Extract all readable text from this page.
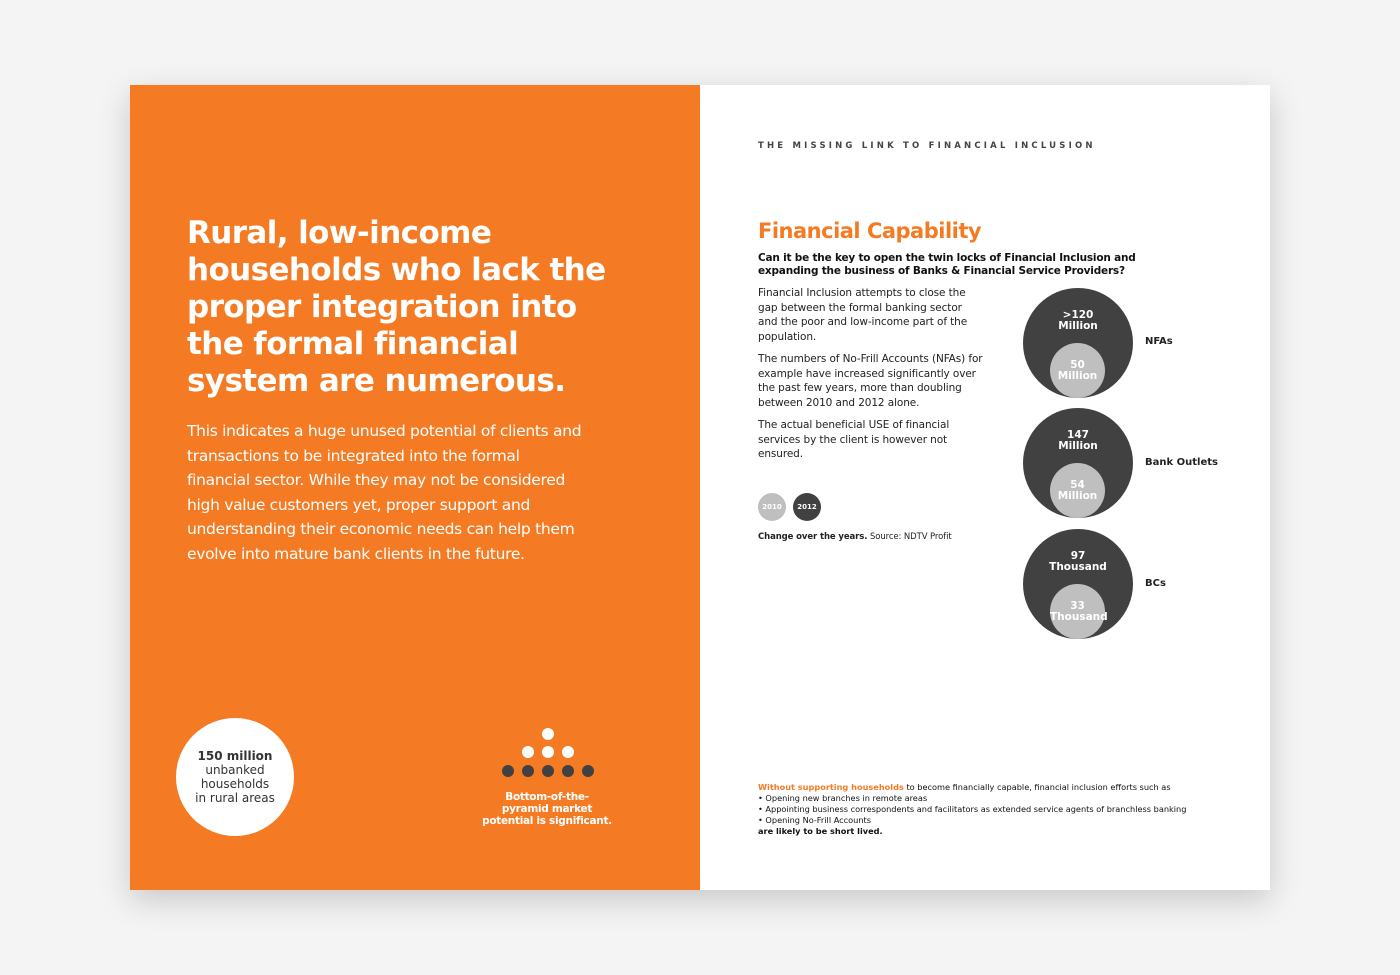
Rural, low-income households who lack the proper integration into the formal financial system are numerous.

This indicates a huge unused potential of clients and transactions to be integrated into the formal financial sector. While they may not be considered high value customers yet, proper support and understanding their economic needs can help them evolve into mature bank clients in the future.

150 million
unbanked
households
in rural areas	Bottom-of-the-pyramid market potential is significant.
THE MISSING LINK TO FINANCIAL INCLUSION
Financial Capability
Can it be the key to open the twin locks of Financial Inclusion and expanding the business of Banks & Financial Service Providers?

Financial Inclusion attempts to close the gap between the formal banking sector and the poor and low-income part of the population.

The numbers of No-Frill Accounts (NFAs) for example have increased significantly over the past few years, more than doubling between 2010 and 2012 alone.

The actual beneficial USE of financial services by the client is however not ensured.

2010	2012
Change over the years. Source: NDTV Profit
>120
Million
50
Million
NFAs
147
Million
54
Million
Bank Outlets
97
Thousand
33
Thousand
BCs
Without supporting households to become financially capable, financial inclusion efforts such as
• Opening new branches in remote areas
• Appointing business correspondents and facilitators as extended service agents of branchless banking
• Opening No-Frill Accounts
are likely to be short lived.
